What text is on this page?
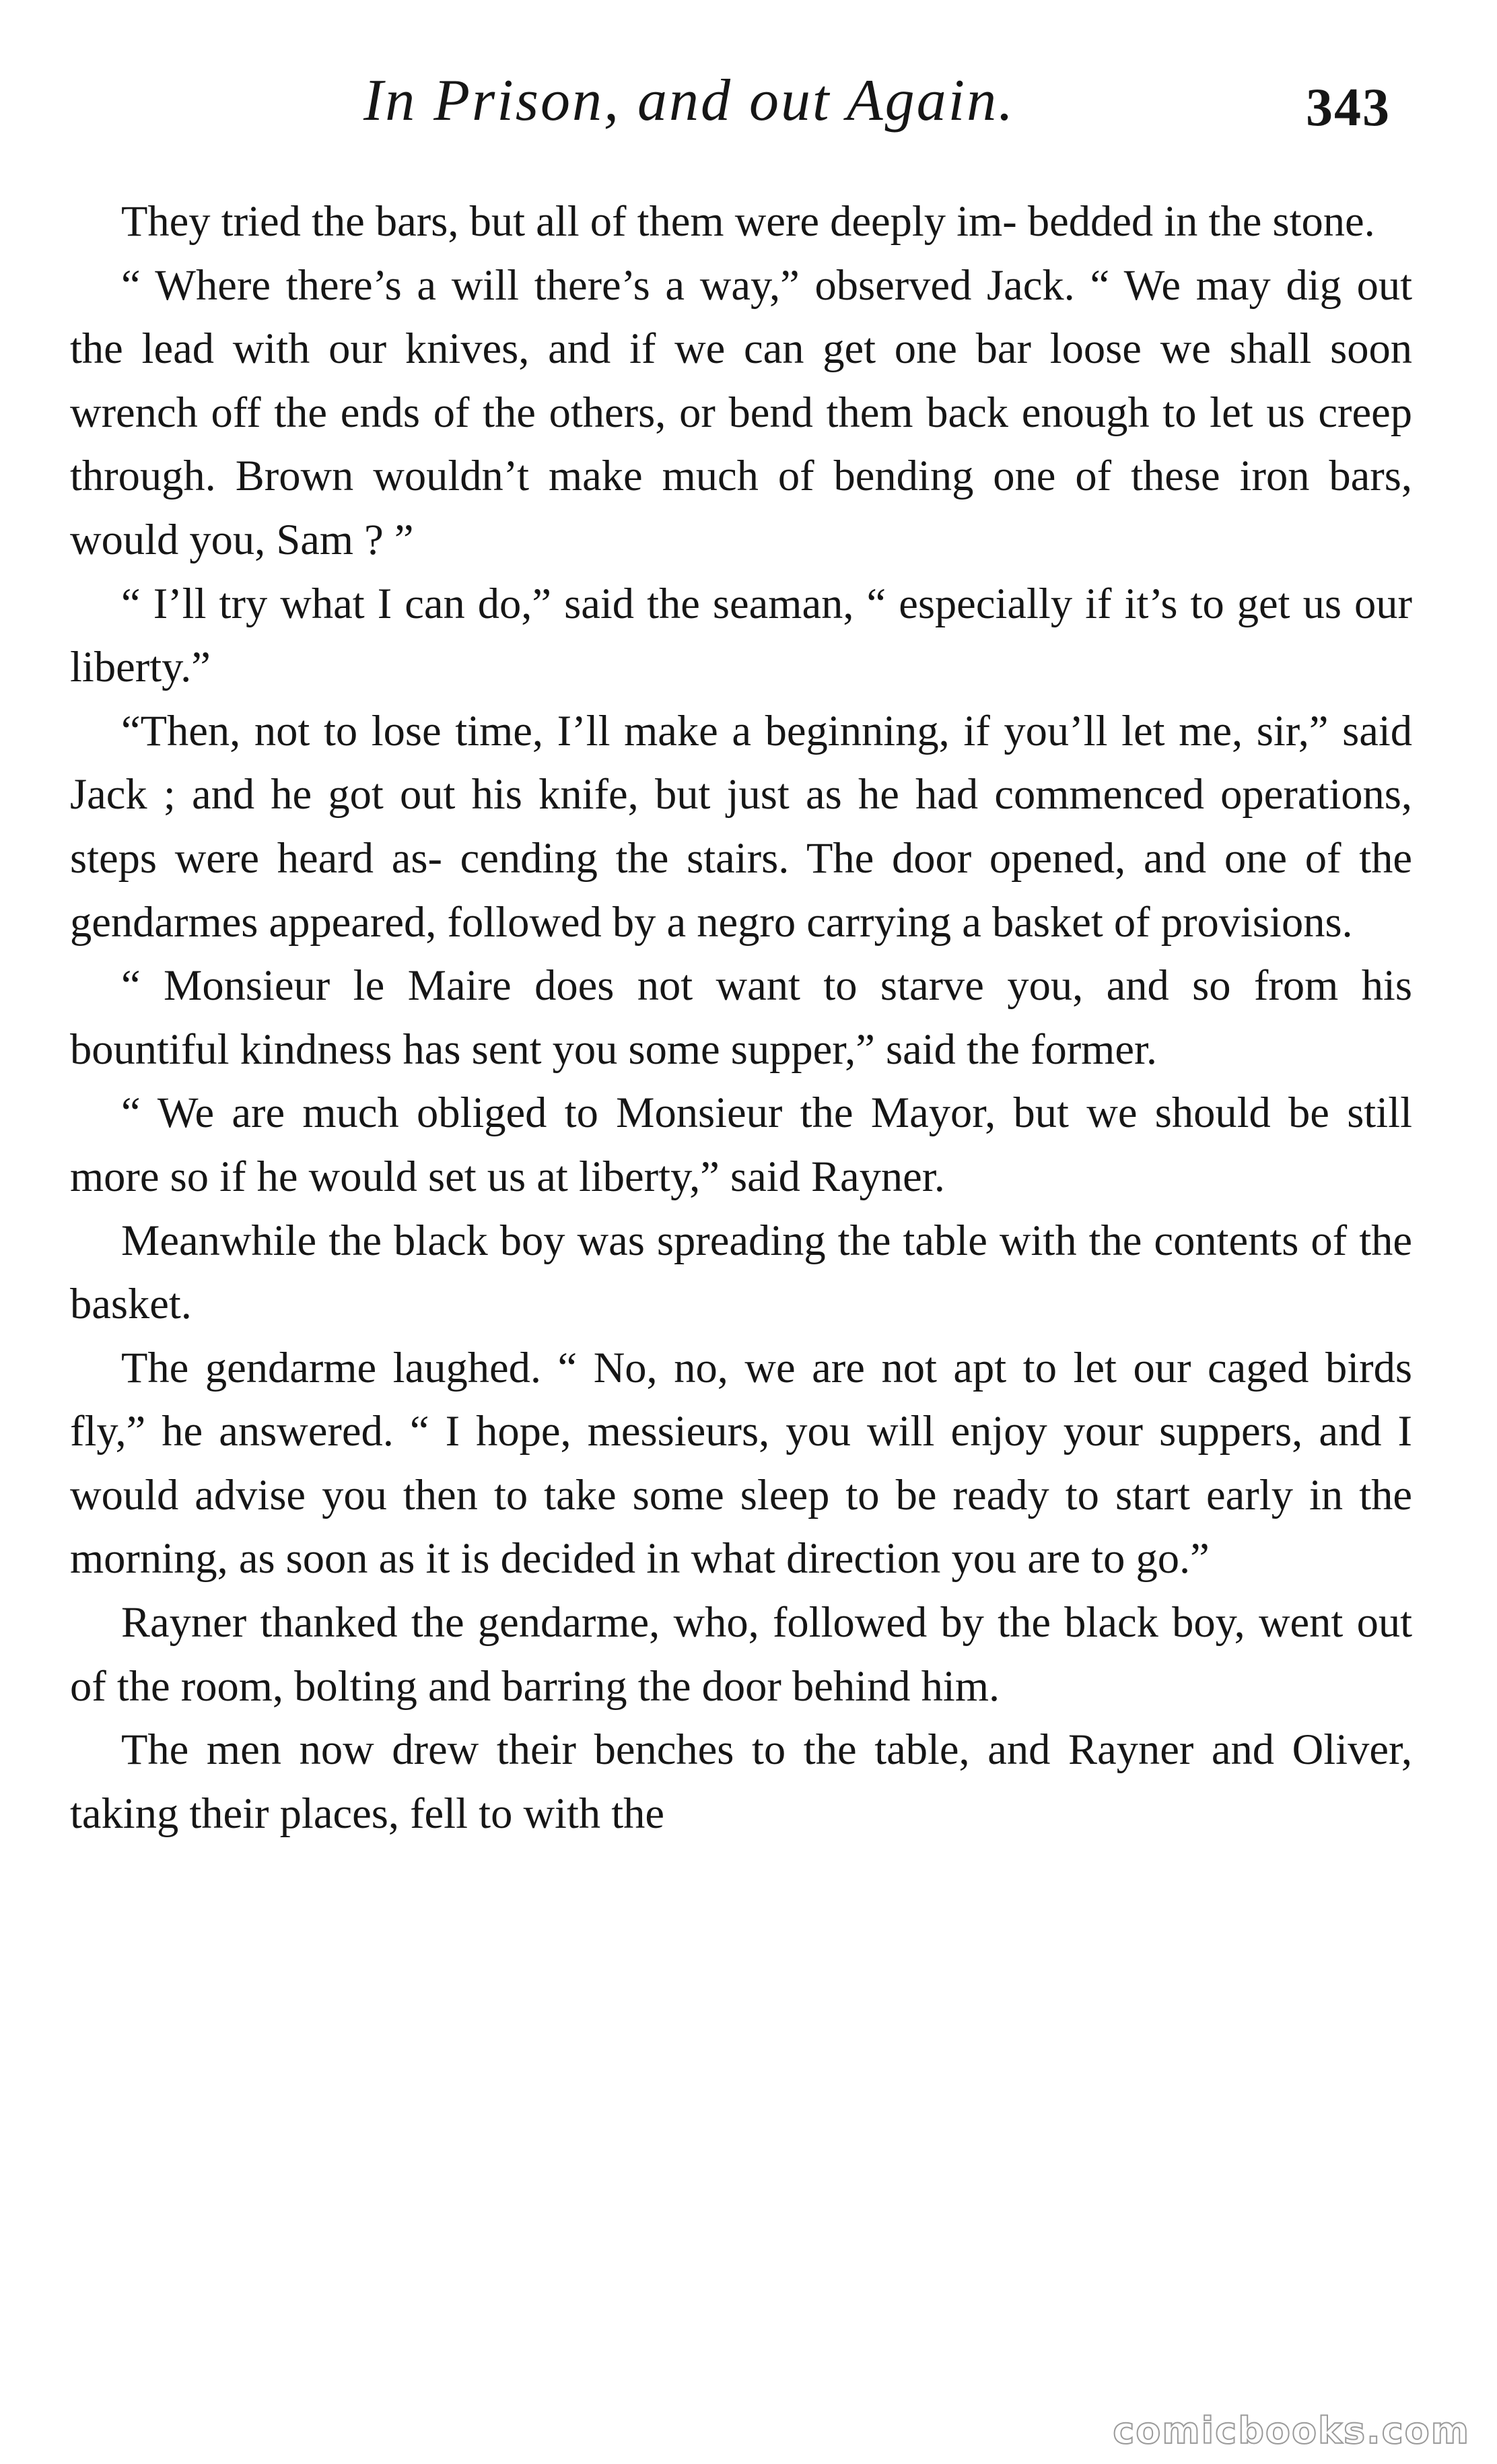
In Prison, and out Again.	343

They tried the bars, but all of them were deeply im- bedded in the stone.

“ Where there’s a will there’s a way,” observed Jack. “ We may dig out the lead with our knives, and if we can get one bar loose we shall soon wrench off the ends of the others, or bend them back enough to let us creep through. Brown wouldn’t make much of bending one of these iron bars, would you, Sam ? ”

“ I’ll try what I can do,” said the seaman, “ especially if it’s to get us our liberty.”

“Then, not to lose time, I’ll make a beginning, if you’ll let me, sir,” said Jack ; and he got out his knife, but just as he had commenced operations, steps were heard as- cending the stairs. The door opened, and one of the gendarmes appeared, followed by a negro carrying a basket of provisions.

“ Monsieur le Maire does not want to starve you, and so from his bountiful kindness has sent you some supper,” said the former.

“ We are much obliged to Monsieur the Mayor, but we should be still more so if he would set us at liberty,” said Rayner.

Meanwhile the black boy was spreading the table with the contents of the basket.

The gendarme laughed. “ No, no, we are not apt to let our caged birds fly,” he answered. “ I hope, messieurs, you will enjoy your suppers, and I would advise you then to take some sleep to be ready to start early in the morning, as soon as it is decided in what direction you are to go.”

Rayner thanked the gendarme, who, followed by the black boy, went out of the room, bolting and barring the door behind him.

The men now drew their benches to the table, and Rayner and Oliver, taking their places, fell to with the

comicbooks.com
